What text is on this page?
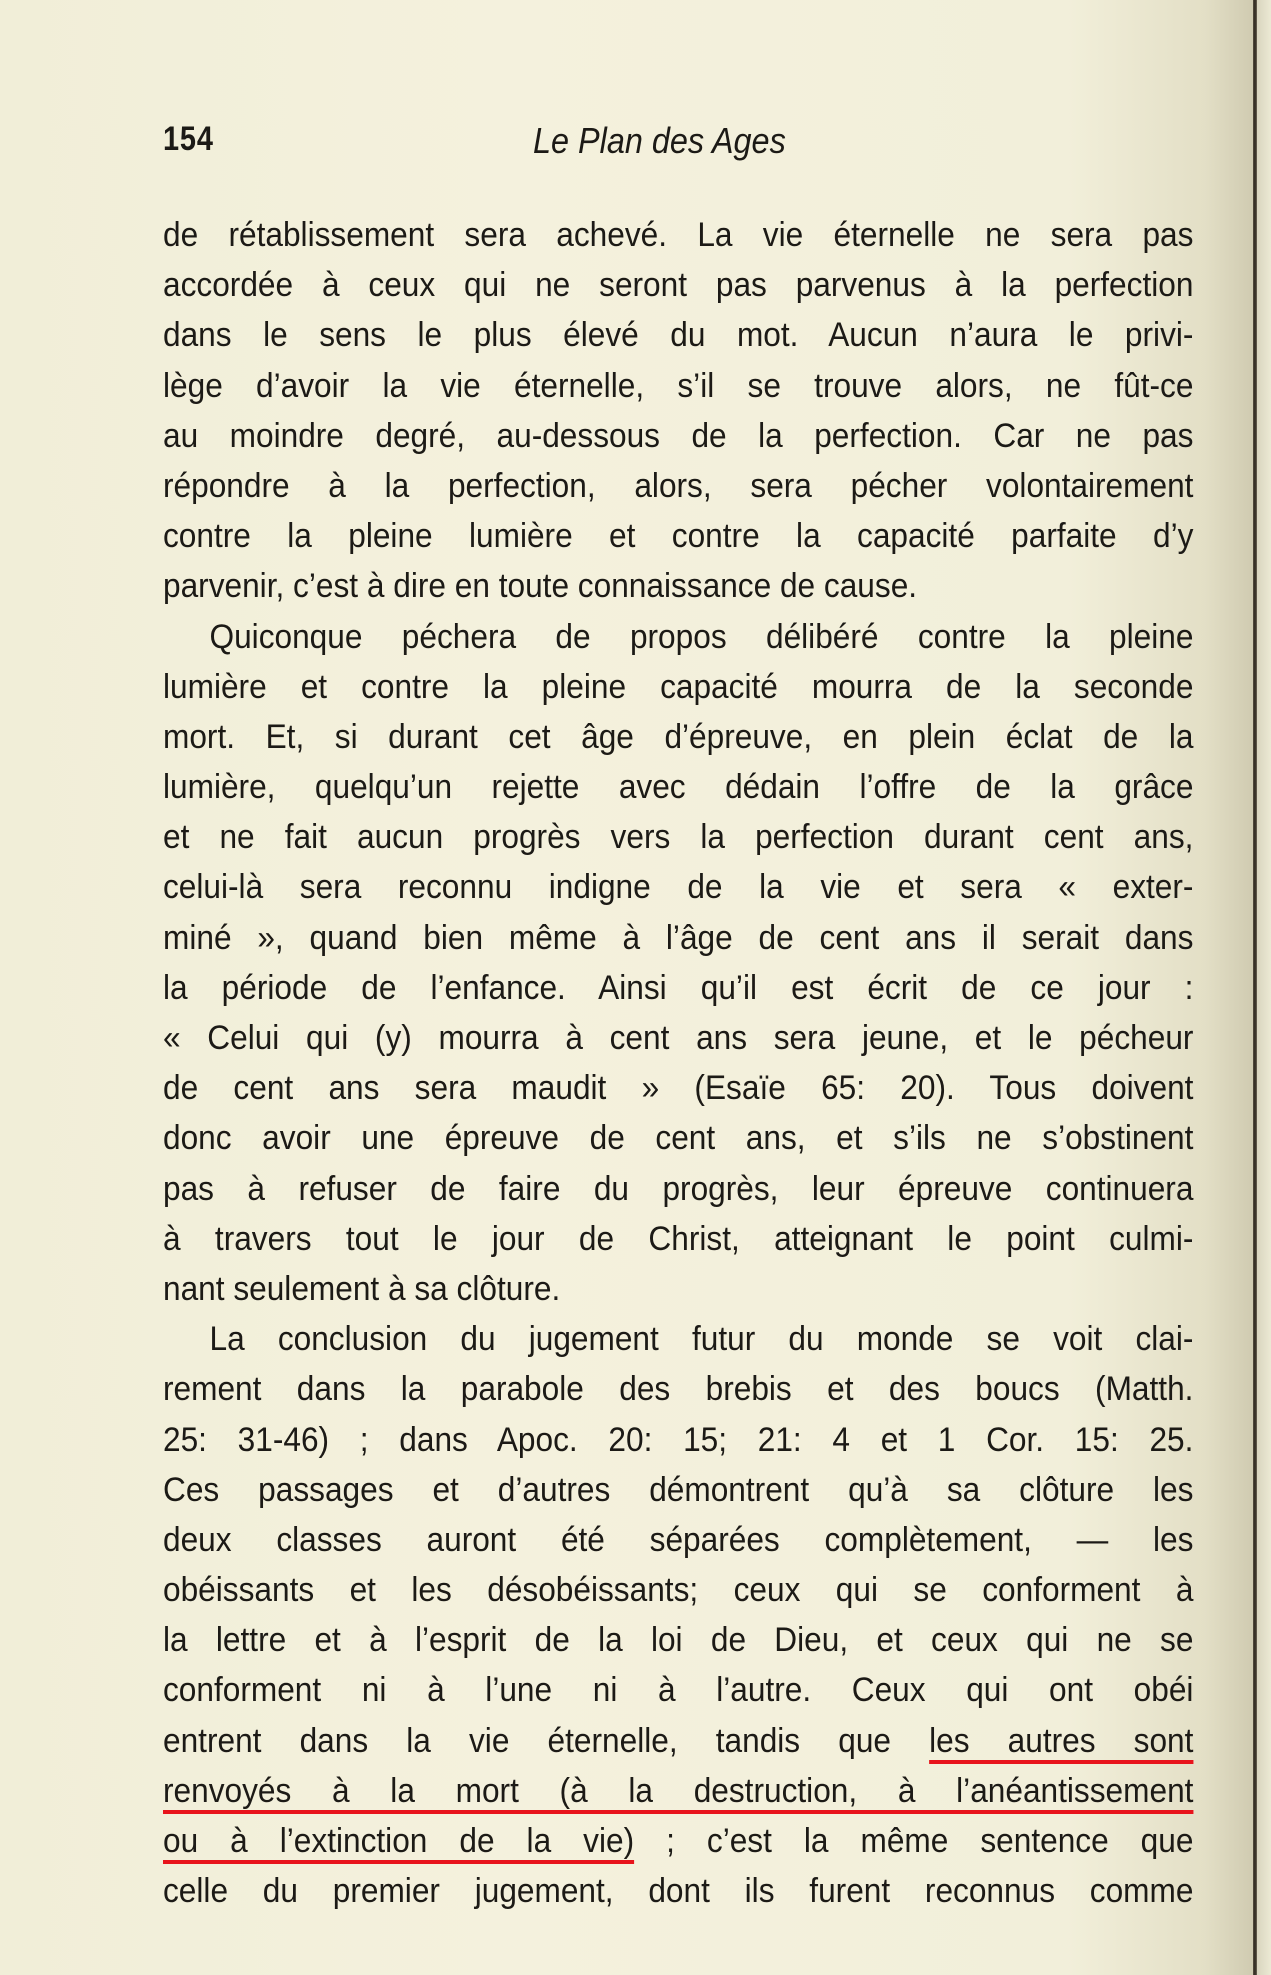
154	Le Plan des Ages
de rétablissement sera achevé. La vie éternelle ne sera pas
accordée à ceux qui ne seront pas parvenus à la perfection
dans le sens le plus élevé du mot. Aucun n’aura le privi-
lège d’avoir la vie éternelle, s’il se trouve alors, ne fût-ce
au moindre degré, au-dessous de la perfection. Car ne pas
répondre à la perfection, alors, sera pécher volontairement
contre la pleine lumière et contre la capacité parfaite d’y
parvenir, c’est à dire en toute connaissance de cause.
Quiconque péchera de propos délibéré contre la pleine
lumière et contre la pleine capacité mourra de la seconde
mort. Et, si durant cet âge d’épreuve, en plein éclat de la
lumière, quelqu’un rejette avec dédain l’offre de la grâce
et ne fait aucun progrès vers la perfection durant cent ans,
celui-là sera reconnu indigne de la vie et sera « exter-
miné », quand bien même à l’âge de cent ans il serait dans
la période de l’enfance. Ainsi qu’il est écrit de ce jour :
« Celui qui (y) mourra à cent ans sera jeune, et le pécheur
de cent ans sera maudit » (Esaïe 65: 20). Tous doivent
donc avoir une épreuve de cent ans, et s’ils ne s’obstinent
pas à refuser de faire du progrès, leur épreuve continuera
à travers tout le jour de Christ, atteignant le point culmi-
nant seulement à sa clôture.
La conclusion du jugement futur du monde se voit clai-
rement dans la parabole des brebis et des boucs (Matth.
25: 31-46) ; dans Apoc. 20: 15; 21: 4 et 1 Cor. 15: 25.
Ces passages et d’autres démontrent qu’à sa clôture les
deux classes auront été séparées complètement, — les
obéissants et les désobéissants; ceux qui se conforment à
la lettre et à l’esprit de la loi de Dieu, et ceux qui ne se
conforment ni à l’une ni à l’autre. Ceux qui ont obéi
entrent dans la vie éternelle, tandis que les autres sont
renvoyés à la mort (à la destruction, à l’anéantissement
ou à l’extinction de la vie) ; c’est la même sentence que
celle du premier jugement, dont ils furent reconnus comme
